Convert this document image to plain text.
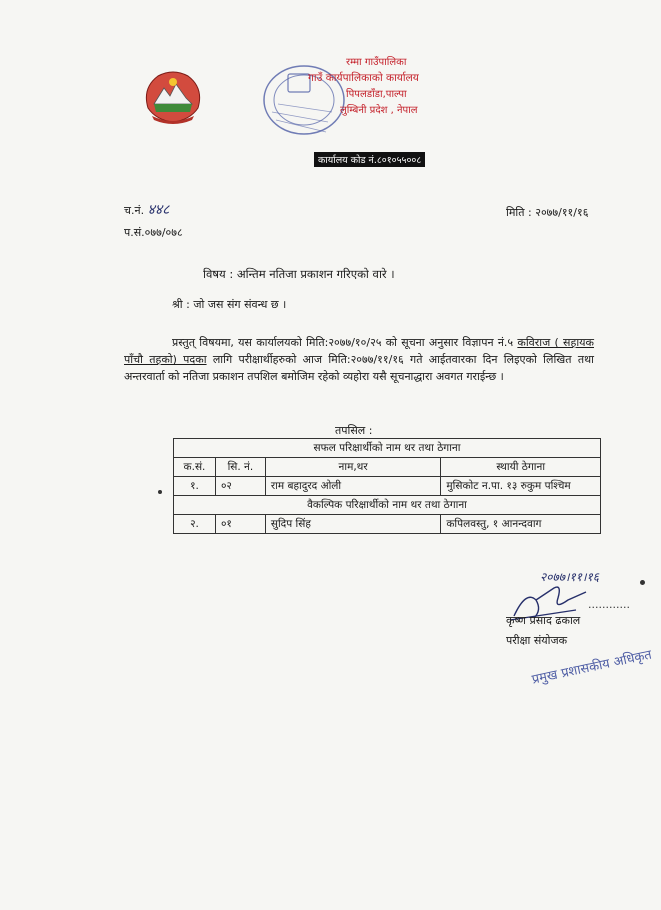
रम्मा गाउँपालिका
गाउँ कार्यपालिकाको कार्यालय
पिपलडाँडा,पाल्पा
लुम्बिनी प्रदेश , नेपाल
कार्यालय कोड नं.८०१०५५००८
च.नं. ४४८
प.सं.०७७/०७८
मिति : २०७७/११/१६
विषय : अन्तिम नतिजा प्रकाशन गरिएको वारे ।
श्री : जो जस संग संवन्ध छ ।
प्रस्तुत् विषयमा, यस कार्यालयको मिति:२०७७/१०/२५ को सूचना अनुसार विज्ञापन नं.५ कविराज ( सहायक पाँचौ तहको) पदका लागि परीक्षार्थीहरुको आज मिति:२०७७/११/१६ गते आईतवारका दिन लिइएको लिखित तथा अन्तरवार्ता को नतिजा प्रकाशन तपशिल बमोजिम रहेको व्यहोरा यसै सूचनाद्धारा अवगत गराईन्छ ।
तपसिल :
सफल परिक्षार्थीको नाम थर तथा ठेगाना			
क.सं.	सि. नं.	नाम,थर	स्थायी ठेगाना
१.	०२	राम बहादुरद ओली	मुसिकोट न.पा. १३ रुकुम पश्चिम
वैकल्पिक परिक्षार्थीको नाम थर तथा ठेगाना			
२.	०१	सुदिप सिंह	कपिलवस्तु, १ आनन्दवाग
२०७७।११।१६
............
कृष्ण प्रसाद ढकाल
परीक्षा संयोजक
प्रमुख प्रशासकीय अधिकृत
